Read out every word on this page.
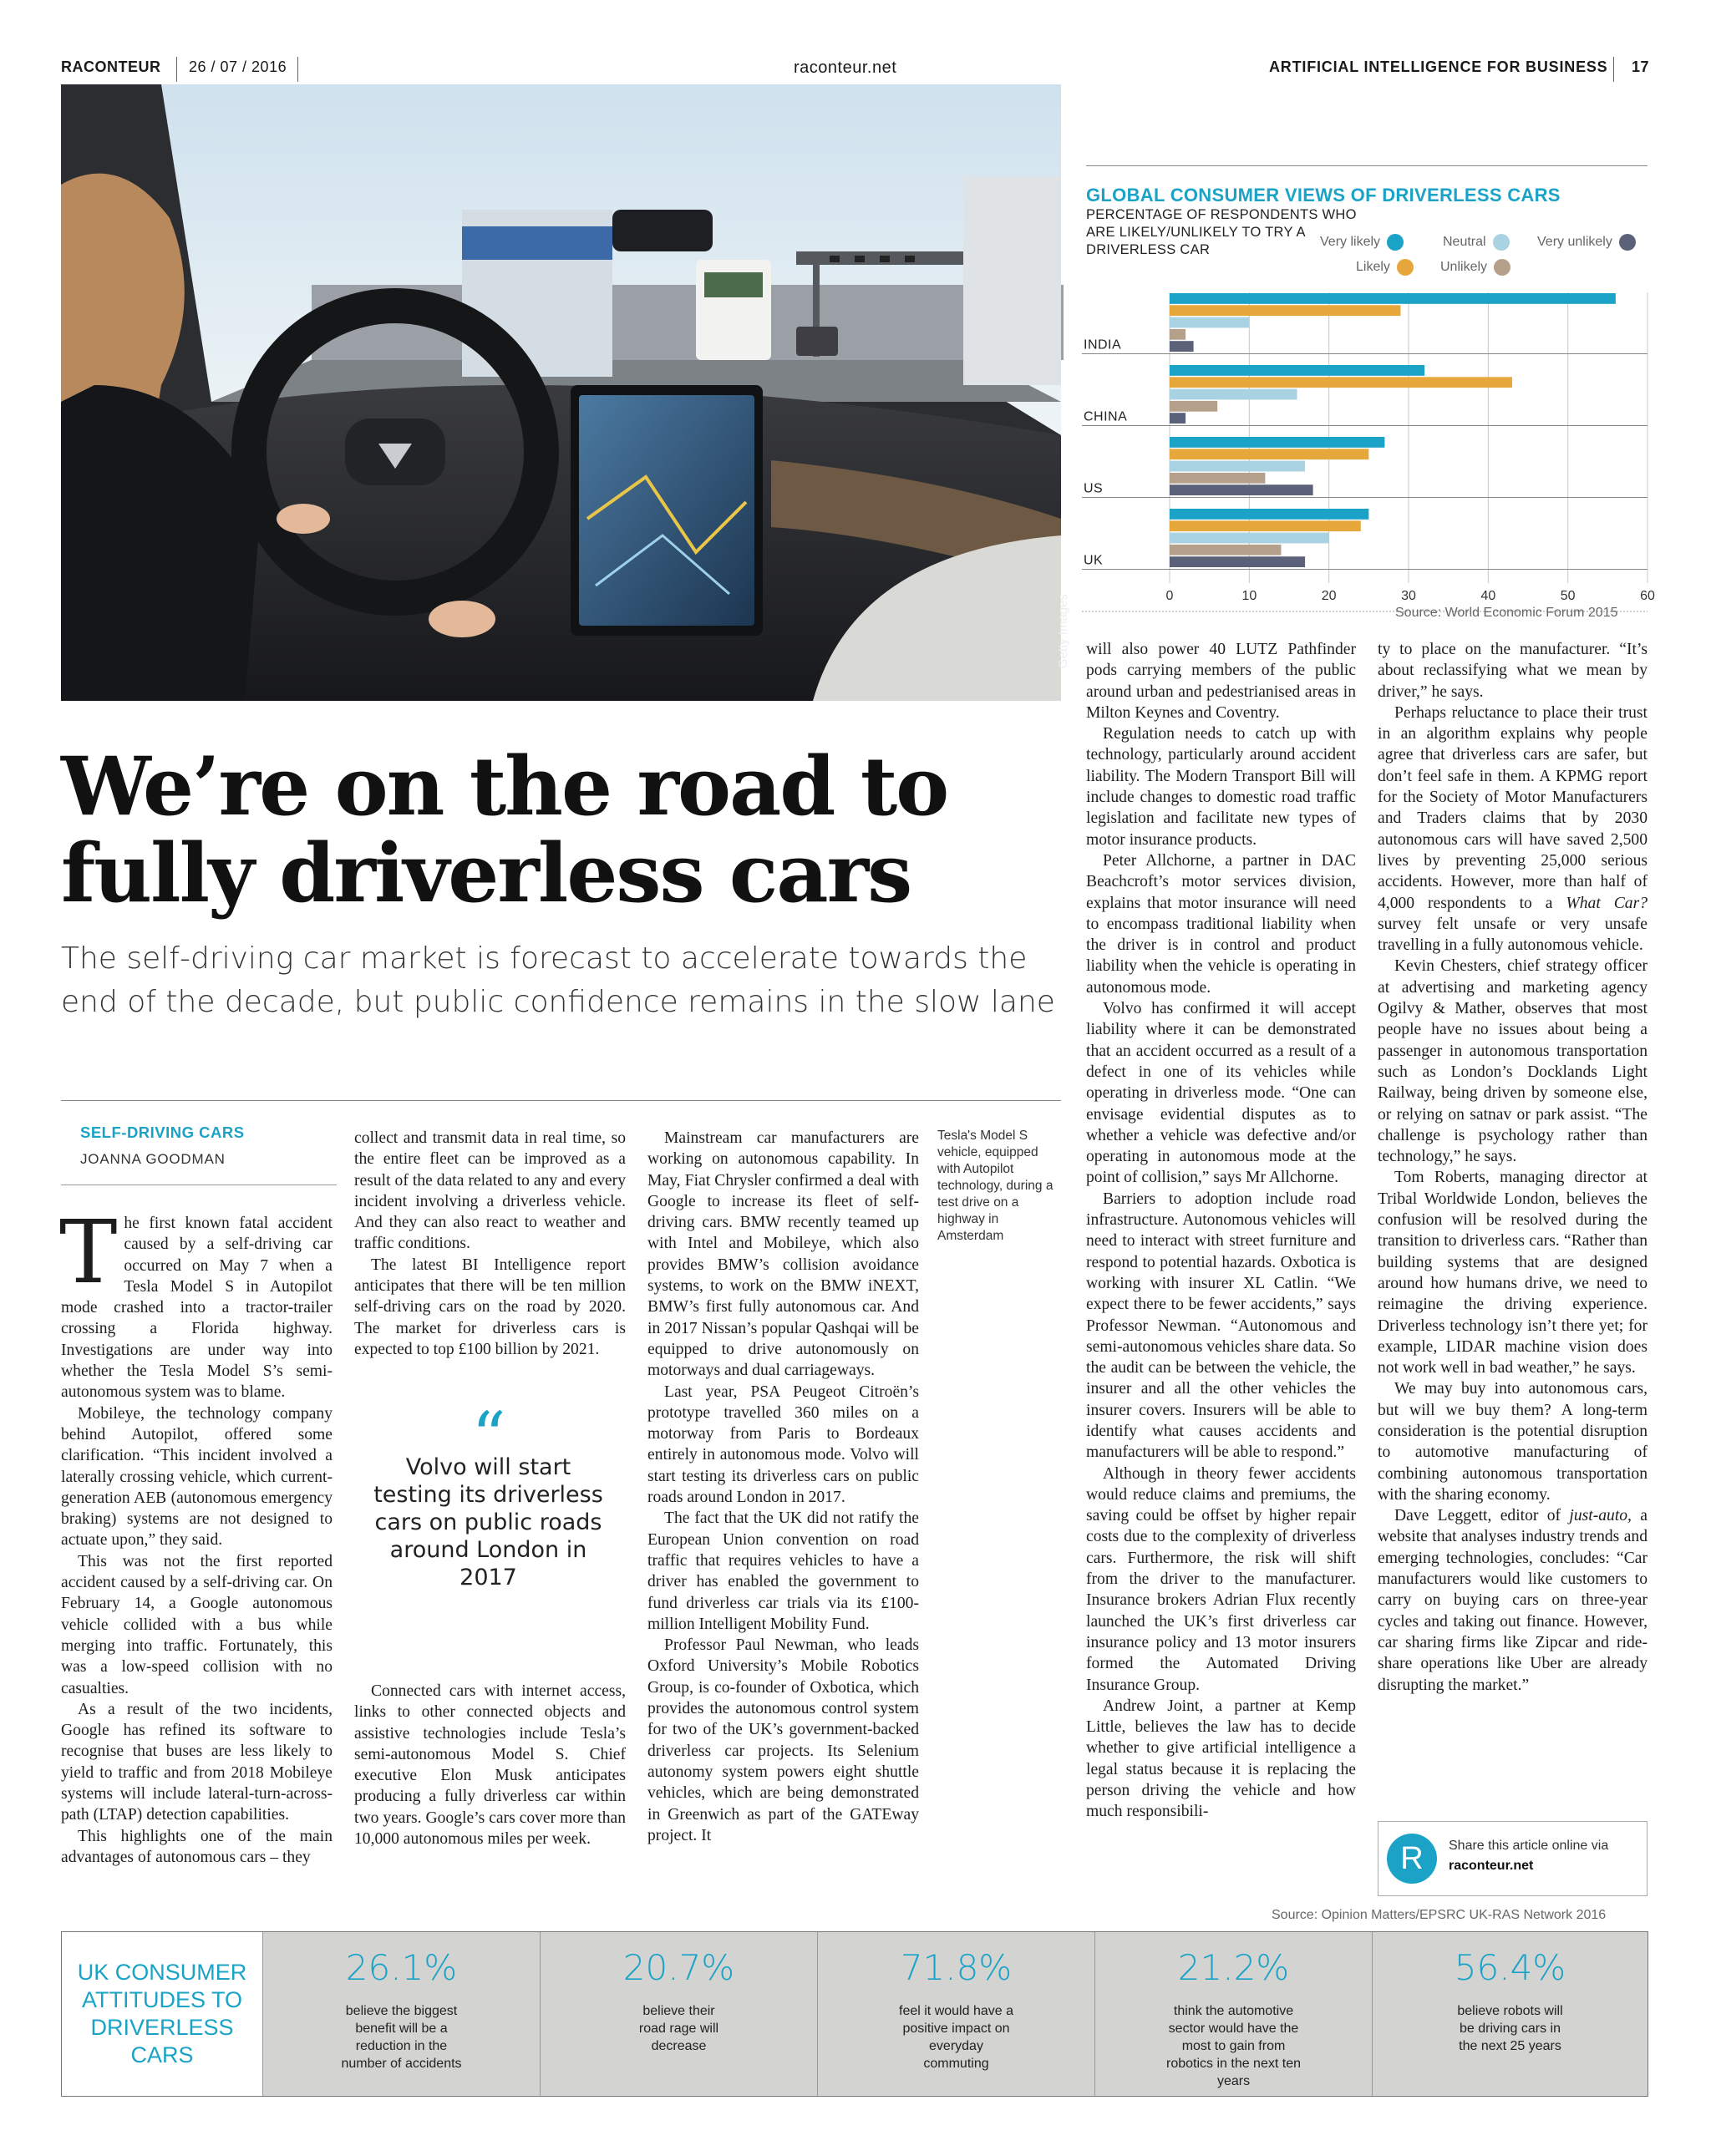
RACONTEUR 26 / 07 / 2016	raconteur.net	ARTIFICIAL INTELLIGENCE FOR BUSINESS 17
Getty Images
Tesla's Model S vehicle, equipped with Autopilot technology, during a test drive on a highway in Amsterdam
We’re on the road to
fully driverless cars
The self-driving car market is forecast to accelerate towards the end of the decade, but public confidence remains in the slow lane
SELF-DRIVING CARS
JOANNA GOODMAN

The first known fatal accident caused by a self-driving car occurred on May 7 when a Tesla Model S in Autopilot mode crashed into a tractor-trailer crossing a Florida highway. Investigations are under way into whether the Tesla Model S’s semi-autonomous system was to blame.

Mobileye, the technology company behind Autopilot, offered some clarification. “This incident involved a laterally crossing vehicle, which current-generation AEB (autonomous emergency braking) systems are not designed to actuate upon,” they said.

This was not the first reported accident caused by a self-driving car. On February 14, a Google autonomous vehicle collided with a bus while merging into traffic. Fortunately, this was a low-speed collision with no casualties.

As a result of the two incidents, Google has refined its software to recognise that buses are less likely to yield to traffic and from 2018 Mobileye systems will include lateral-turn-across-path (LTAP) detection capabilities.

This highlights one of the main advantages of autonomous cars – they

collect and transmit data in real time, so the entire fleet can be improved as a result of the data related to any and every incident involving a driverless vehicle. And they can also react to weather and traffic conditions.

The latest BI Intelligence report anticipates that there will be ten million self-driving cars on the road by 2020. The market for driverless cars is expected to top £100 billion by 2021.

“
Volvo will start testing its driverless cars on public roads around London in 2017

Connected cars with internet access, links to other connected objects and assistive technologies include Tesla’s semi-autonomous Model S. Chief executive Elon Musk anticipates producing a fully driverless car within two years. Google’s cars cover more than 10,000 autonomous miles per week.

Mainstream car manufacturers are working on autonomous capability. In May, Fiat Chrysler confirmed a deal with Google to increase its fleet of self-driving cars. BMW recently teamed up with Intel and Mobileye, which also provides BMW’s collision avoidance systems, to work on the BMW iNEXT, BMW’s first fully autonomous car. And in 2017 Nissan’s popular Qashqai will be equipped to drive autonomously on motorways and dual carriageways.

Last year, PSA Peugeot Citroën’s prototype travelled 360 miles on a motorway from Paris to Bordeaux entirely in autonomous mode. Volvo will start testing its driverless cars on public roads around London in 2017.

The fact that the UK did not ratify the European Union convention on road traffic that requires vehicles to have a driver has enabled the government to fund driverless car trials via its £100-million Intelligent Mobility Fund.

Professor Paul Newman, who leads Oxford University’s Mobile Robotics Group, is co-founder of Oxbotica, which provides the autonomous control system for two of the UK’s government-backed driverless car projects. Its Selenium autonomy system powers eight shuttle vehicles, which are being demonstrated in Greenwich as part of the GATEway project. It

will also power 40 LUTZ Pathfinder pods carrying members of the public around urban and pedestrianised areas in Milton Keynes and Coventry.

Regulation needs to catch up with technology, particularly around accident liability. The Modern Transport Bill will include changes to domestic road traffic legislation and facilitate new types of motor insurance products.

Peter Allchorne, a partner in DAC Beachcroft’s motor services division, explains that motor insurance will need to encompass traditional liability when the driver is in control and product liability when the vehicle is operating in autonomous mode.

Volvo has confirmed it will accept liability where it can be demonstrated that an accident occurred as a result of a defect in one of its vehicles while operating in driverless mode. “One can envisage evidential disputes as to whether a vehicle was defective and/or operating in autonomous mode at the point of collision,” says Mr Allchorne.

Barriers to adoption include road infrastructure. Autonomous vehicles will need to interact with street furniture and respond to potential hazards. Oxbotica is working with insurer XL Catlin. “We expect there to be fewer accidents,” says Professor Newman. “Autonomous and semi-autonomous vehicles share data. So the audit can be between the vehicle, the insurer and all the other vehicles the insurer covers. Insurers will be able to identify what causes accidents and manufacturers will be able to respond.”

Although in theory fewer accidents would reduce claims and premiums, the saving could be offset by higher repair costs due to the complexity of driverless cars. Furthermore, the risk will shift from the driver to the manufacturer. Insurance brokers Adrian Flux recently launched the UK’s first driverless car insurance policy and 13 motor insurers formed the Automated Driving Insurance Group.

Andrew Joint, a partner at Kemp Little, believes the law has to decide whether to give artificial intelligence a legal status because it is replacing the person driving the vehicle and how much responsibili-

ty to place on the manufacturer. “It’s about reclassifying what we mean by driver,” he says.

Perhaps reluctance to place their trust in an algorithm explains why people agree that driverless cars are safer, but don’t feel safe in them. A KPMG report for the Society of Motor Manufacturers and Traders claims that by 2030 autonomous cars will have saved 2,500 lives by preventing 25,000 serious accidents. However, more than half of 4,000 respondents to a What Car? survey felt unsafe or very unsafe travelling in a fully autonomous vehicle.

Kevin Chesters, chief strategy officer at advertising and marketing agency Ogilvy & Mather, observes that most people have no issues about being a passenger in autonomous transportation such as London’s Docklands Light Railway, being driven by someone else, or relying on satnav or park assist. “The challenge is psychology rather than technology,” he says.

Tom Roberts, managing director at Tribal Worldwide London, believes the confusion will be resolved during the transition to driverless cars. “Rather than building systems that are designed around how humans drive, we need to reimagine the driving experience. Driverless technology isn’t there yet; for example, LIDAR machine vision does not work well in bad weather,” he says.

We may buy into autonomous cars, but will we buy them? A long-term consideration is the potential disruption to automotive manufacturing of combining autonomous transportation with the sharing economy.

Dave Leggett, editor of just-auto, a website that analyses industry trends and emerging technologies, concludes: “Car manufacturers would like customers to carry on buying cars on three-year cycles and taking out finance. However, car sharing firms like Zipcar and ride-share operations like Uber are already disrupting the market.”

R	Share this article online via
raconteur.net
GLOBAL CONSUMER VIEWS OF DRIVERLESS CARS
PERCENTAGE OF RESPONDENTS WHO ARE LIKELY/UNLIKELY TO TRY A DRIVERLESS CAR
Very likely	Neutral	Very unlikely
Likely	Unlikely
0	10	20	30	40	50	60
INDIA
CHINA
US
UK
Source: World Economic Forum 2015
Source: Opinion Matters/EPSRC UK-RAS Network 2016
UK CONSUMER ATTITUDES TO DRIVERLESS CARS
26.1%
believe the biggest benefit will be a reduction in the number of accidents
20.7%
believe their road rage will decrease
71.8%
feel it would have a positive impact on everyday commuting
21.2%
think the automotive sector would have the most to gain from robotics in the next ten years
56.4%
believe robots will be driving cars in the next 25 years
